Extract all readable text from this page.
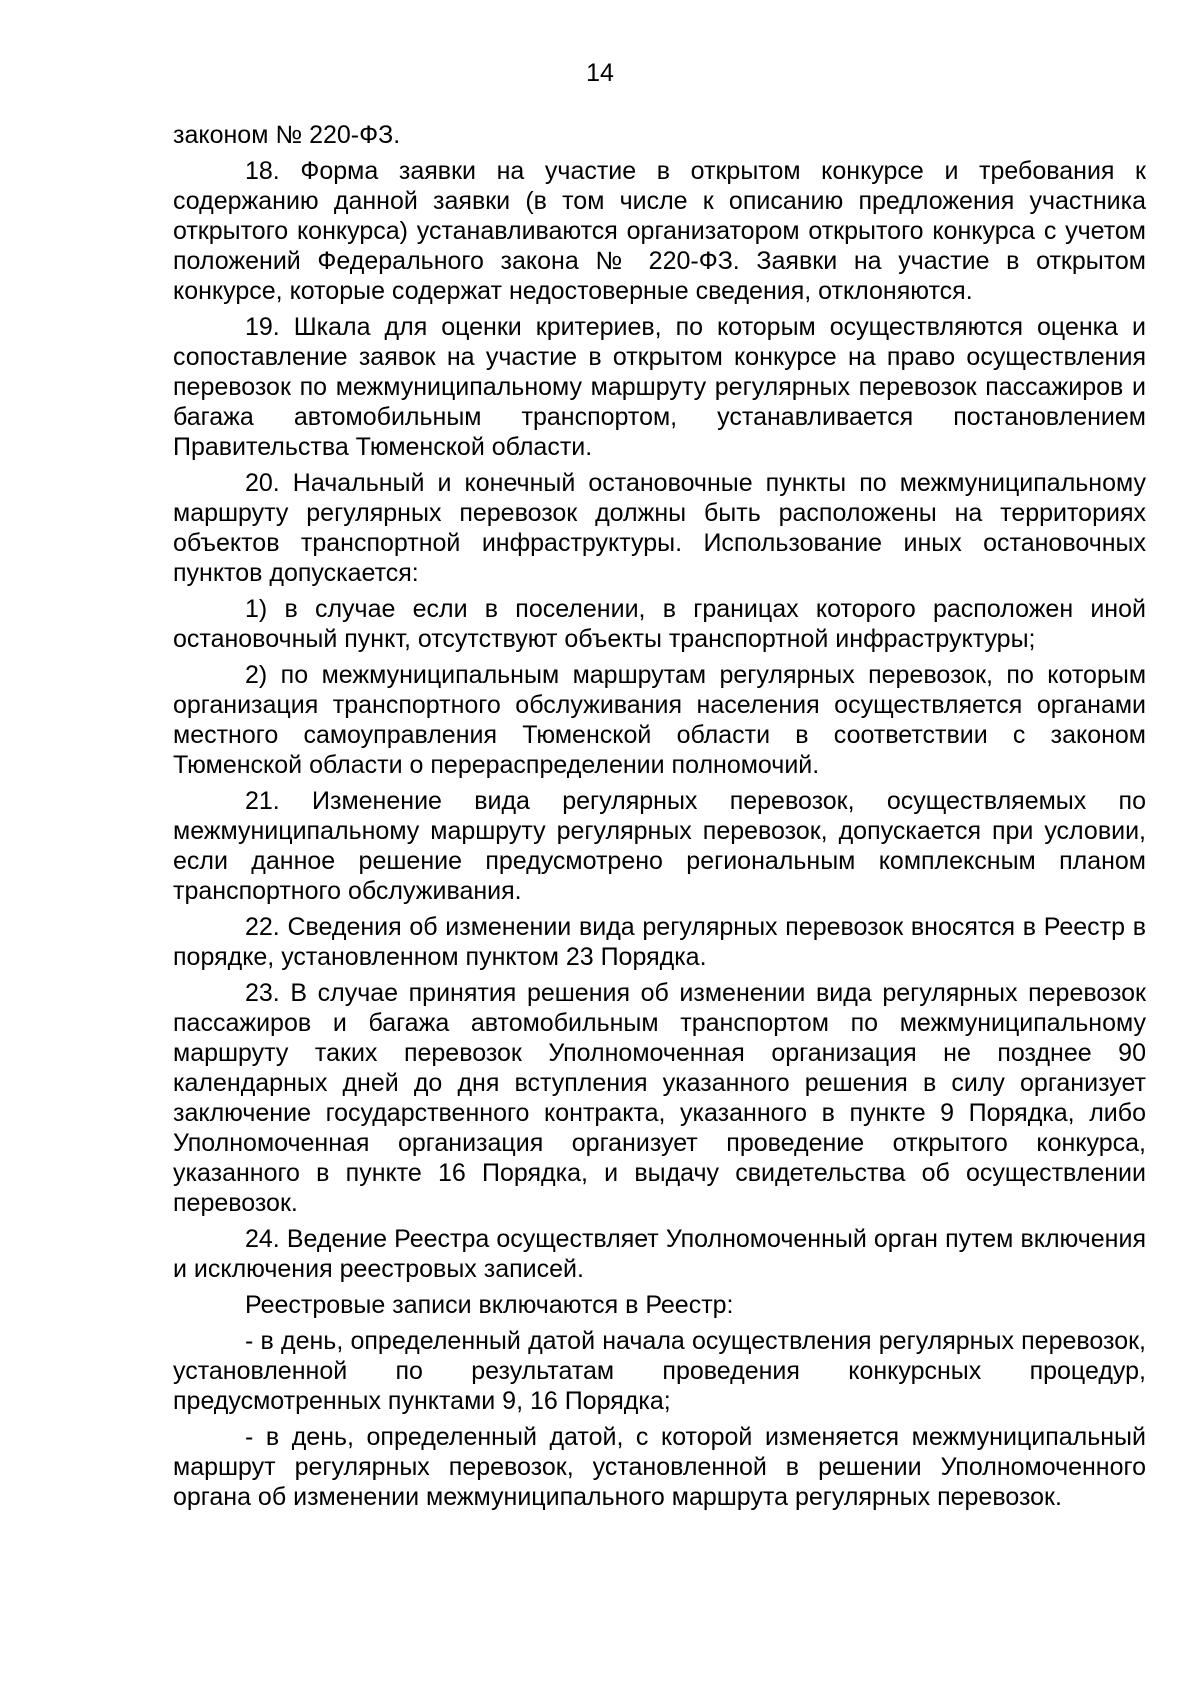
14

законом № 220-ФЗ.

18. Форма заявки на участие в открытом конкурсе и требования к содержанию данной заявки (в том числе к описанию предложения участника открытого конкурса) устанавливаются организатором открытого конкурса с учетом положений Федерального закона № 220-ФЗ. Заявки на участие в открытом конкурсе, которые содержат недостоверные сведения, отклоняются.

19. Шкала для оценки критериев, по которым осуществляются оценка и сопоставление заявок на участие в открытом конкурсе на право осуществления перевозок по межмуниципальному маршруту регулярных перевозок пассажиров и багажа автомобильным транспортом, устанавливается постановлением Правительства Тюменской области.

20. Начальный и конечный остановочные пункты по межмуниципальному маршруту регулярных перевозок должны быть расположены на территориях объектов транспортной инфраструктуры. Использование иных остановочных пунктов допускается:

1) в случае если в поселении, в границах которого расположен иной остановочный пункт, отсутствуют объекты транспортной инфраструктуры;

2) по межмуниципальным маршрутам регулярных перевозок, по которым организация транспортного обслуживания населения осуществляется органами местного самоуправления Тюменской области в соответствии с законом Тюменской области о перераспределении полномочий.

21. Изменение вида регулярных перевозок, осуществляемых по межмуниципальному маршруту регулярных перевозок, допускается при условии, если данное решение предусмотрено региональным комплексным планом транспортного обслуживания.

22. Сведения об изменении вида регулярных перевозок вносятся в Реестр в порядке, установленном пунктом 23 Порядка.

23. В случае принятия решения об изменении вида регулярных перевозок пассажиров и багажа автомобильным транспортом по межмуниципальному маршруту таких перевозок Уполномоченная организация не позднее 90 календарных дней до дня вступления указанного решения в силу организует заключение государственного контракта, указанного в пункте 9 Порядка, либо Уполномоченная организация организует проведение открытого конкурса, указанного в пункте 16 Порядка, и выдачу свидетельства об осуществлении перевозок.

24. Ведение Реестра осуществляет Уполномоченный орган путем включения и исключения реестровых записей.

Реестровые записи включаются в Реестр:

- в день, определенный датой начала осуществления регулярных перевозок, установленной по результатам проведения конкурсных процедур, предусмотренных пунктами 9, 16 Порядка;

- в день, определенный датой, с которой изменяется межмуниципальный маршрут регулярных перевозок, установленной в решении Уполномоченного органа об изменении межмуниципального маршрута регулярных перевозок.
